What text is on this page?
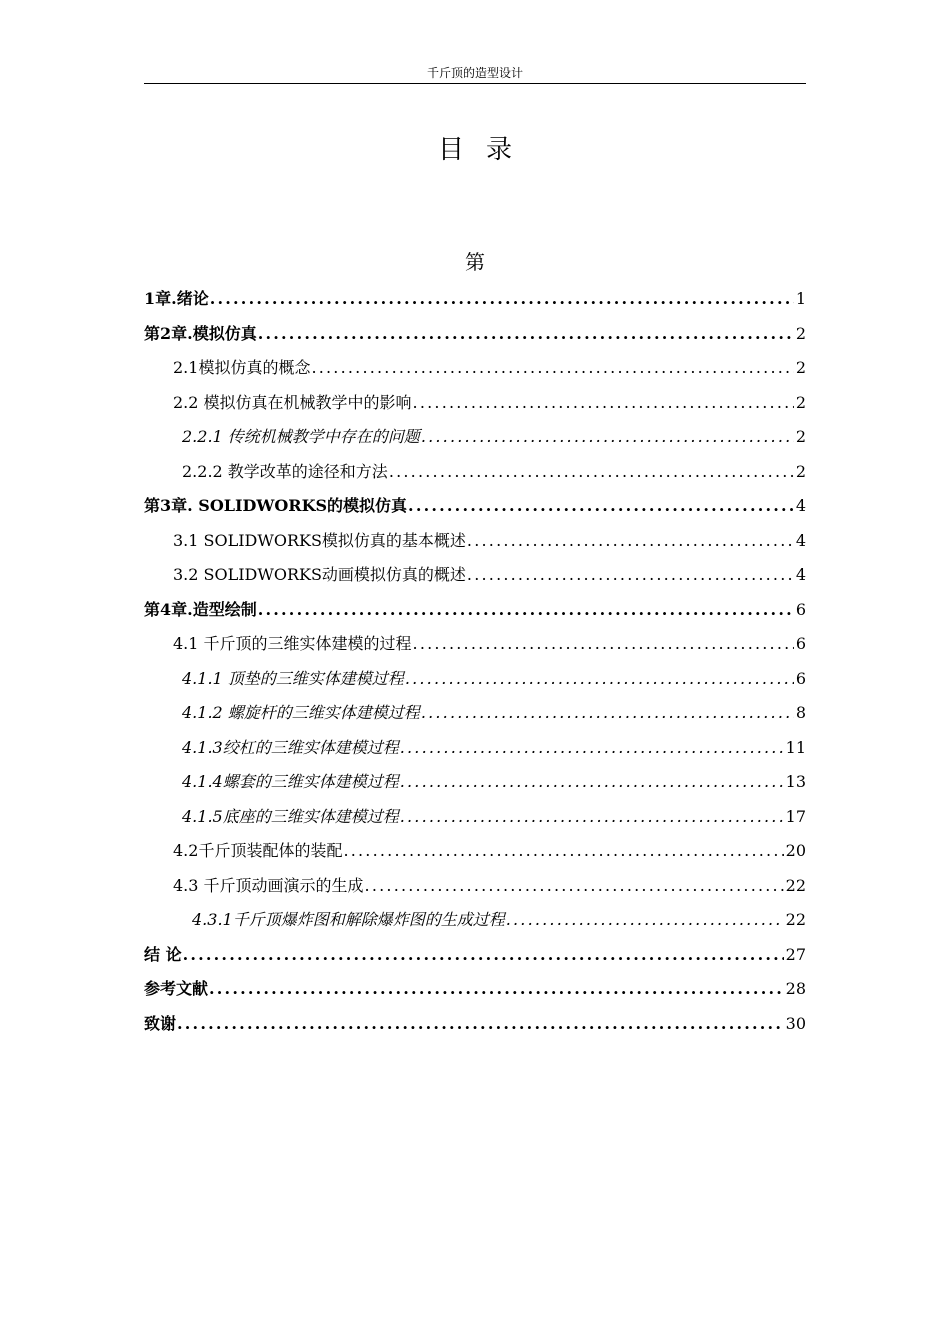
千斤顶的造型设计
目录
第
1章.绪论 .....	1
第2章.模拟仿真 .....	2
2.1模拟仿真的概念 .....	2
2.2 模拟仿真在机械教学中的影响 .....	2
2.2.1 传统机械教学中存在的问题 .....	2
2.2.2 教学改革的途径和方法 .....	2
第3章. SOLIDWORKS的模拟仿真 .....	4
3.1 SOLIDWORKS模拟仿真的基本概述 .....	4
3.2 SOLIDWORKS动画模拟仿真的概述 .....	4
第4章.造型绘制 .....	6
4.1 千斤顶的三维实体建模的过程 .....	6
4.1.1 顶垫的三维实体建模过程 .....	6
4.1.2 螺旋杆的三维实体建模过程 .....	8
4.1.3绞杠的三维实体建模过程 .....	11
4.1.4螺套的三维实体建模过程 .....	13
4.1.5底座的三维实体建模过程 .....	17
4.2千斤顶装配体的装配 .....	20
4.3 千斤顶动画演示的生成 .....	22
4.3.1千斤顶爆炸图和解除爆炸图的生成过程 .....	22
结 论 .....	27
参考文献 .....	28
致谢 .....	30
